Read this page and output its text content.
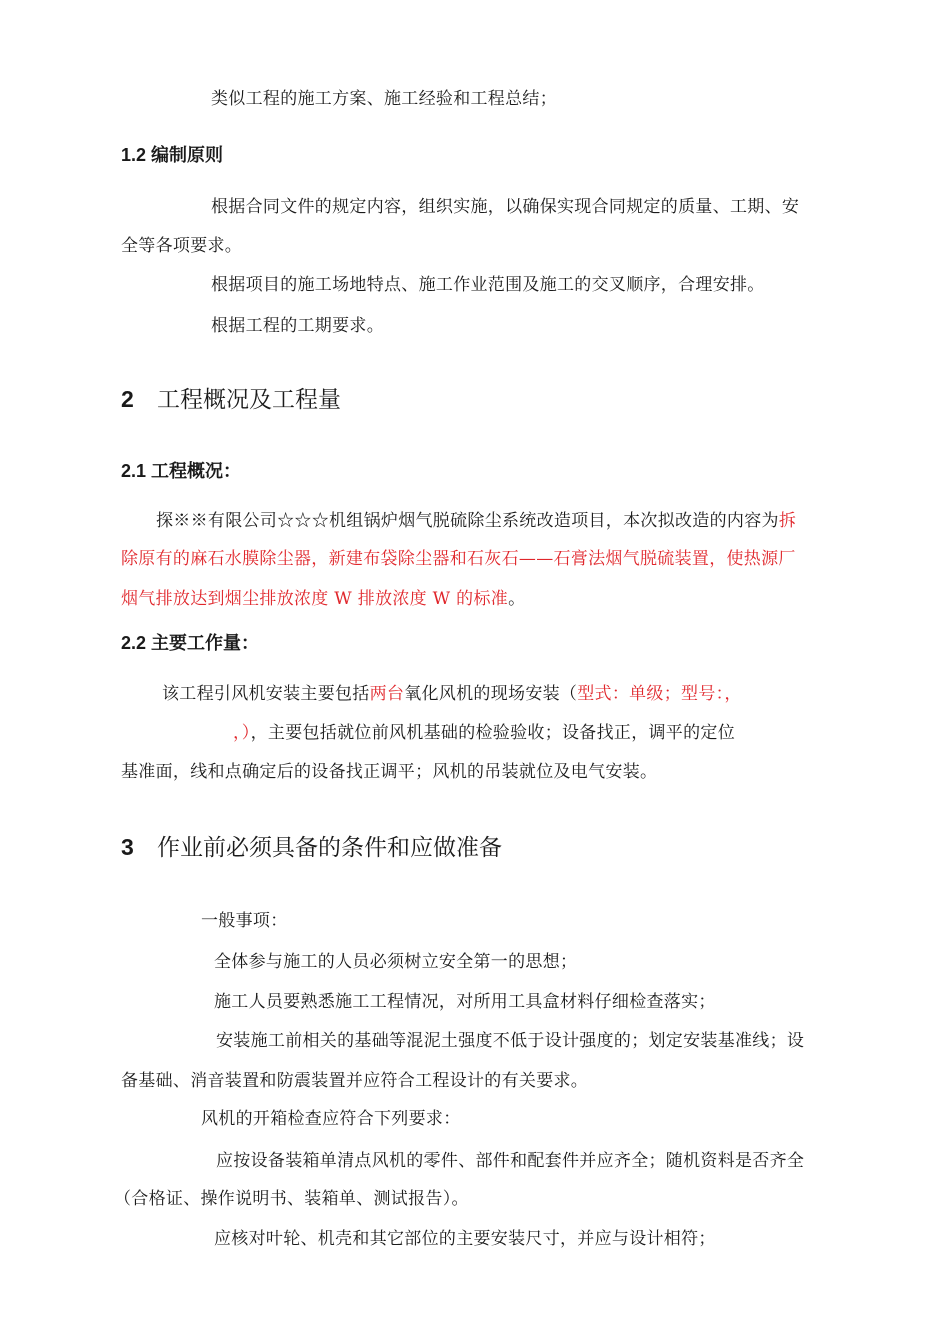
类似工程的施工方案、施工经验和工程总结；
1.2 编制原则
根据合同文件的规定内容，组织实施，以确保实现合同规定的质量、工期、安
全等各项要求。
根据项目的施工场地特点、施工作业范围及施工的交叉顺序，合理安排。
根据工程的工期要求。
2 工程概况及工程量
2.1 工程概况：
探※※有限公司☆☆☆机组锅炉烟气脱硫除尘系统改造项目，本次拟改造的内容为拆
除原有的麻石水膜除尘器，新建布袋除尘器和石灰石——石膏法烟气脱硫装置，使热源厂
烟气排放达到烟尘排放浓度 W 排放浓度 W 的标准。
2.2 主要工作量：
该工程引风机安装主要包括两台氧化风机的现场安装（型式：单级；型号：，
，），主要包括就位前风机基础的检验验收；设备找正，调平的定位
基准面，线和点确定后的设备找正调平；风机的吊装就位及电气安装。
3 作业前必须具备的条件和应做准备
一般事项：
全体参与施工的人员必须树立安全第一的思想；
施工人员要熟悉施工工程情况，对所用工具盒材料仔细检查落实；
安装施工前相关的基础等混泥土强度不低于设计强度的；划定安装基准线；设
备基础、消音装置和防震装置并应符合工程设计的有关要求。
风机的开箱检查应符合下列要求：
应按设备装箱单清点风机的零件、部件和配套件并应齐全；随机资料是否齐全
（合格证、操作说明书、装箱单、测试报告）。
应核对叶轮、机壳和其它部位的主要安装尺寸，并应与设计相符；
